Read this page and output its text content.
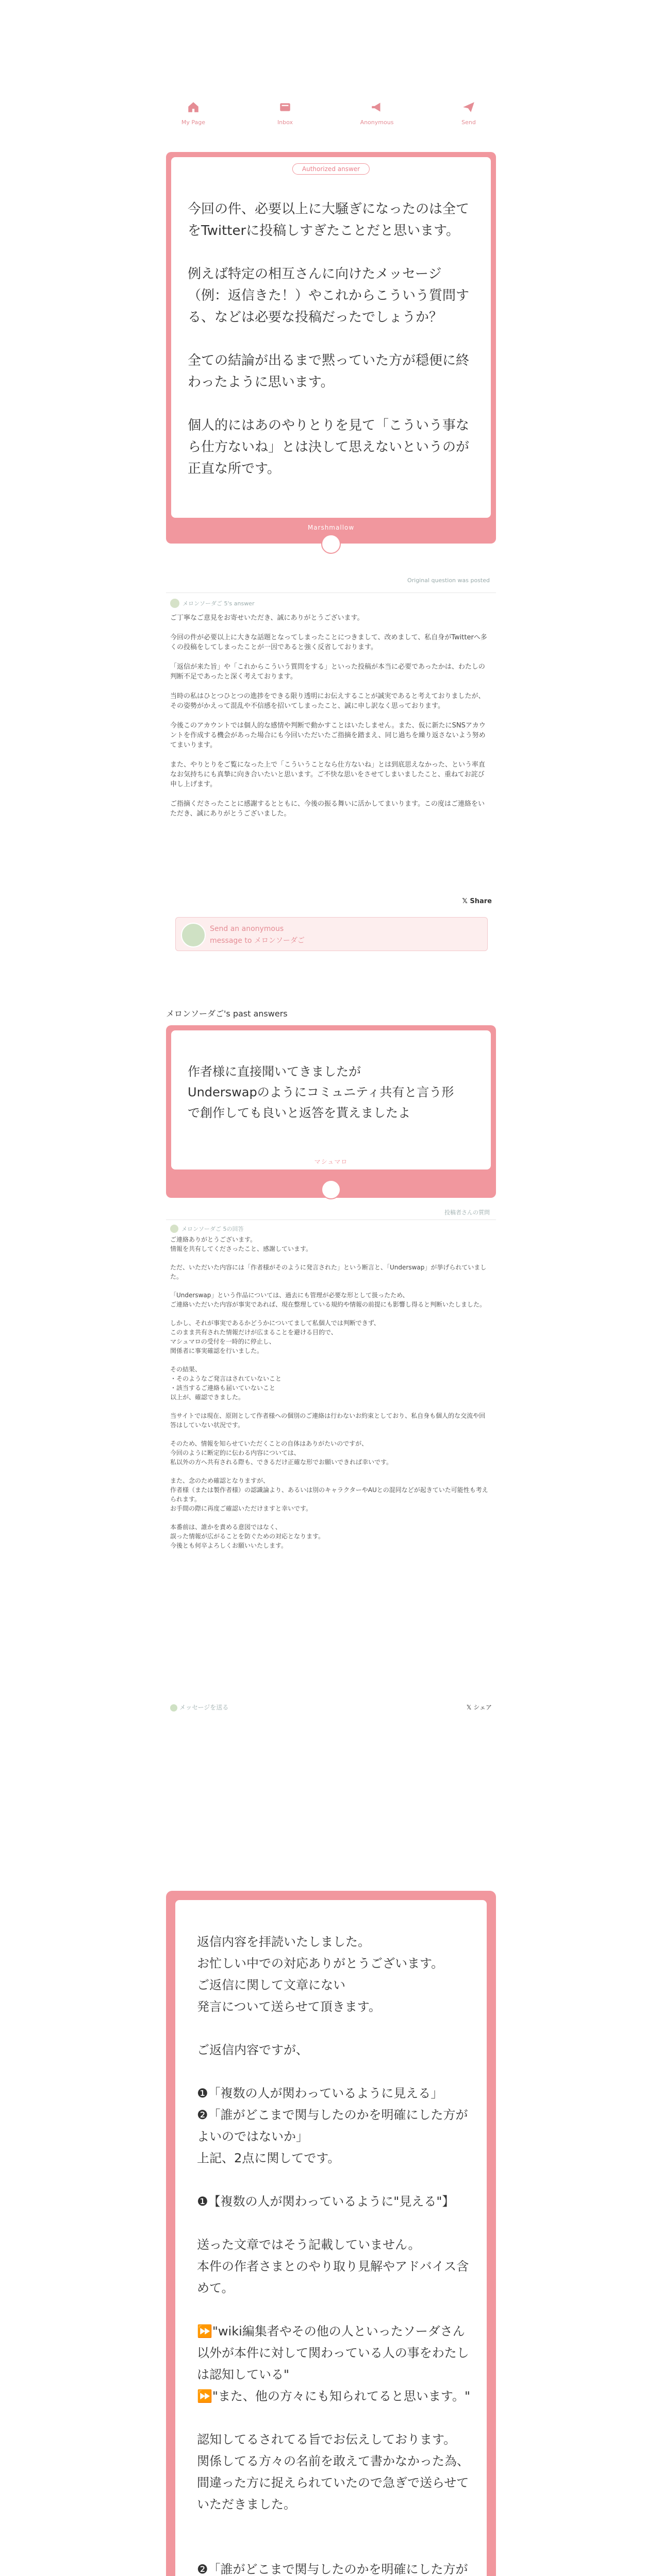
My Page	Inbox	Anonymous	Send
Authorized answer
今回の件、必要以上に大騒ぎになったのは全てをTwitterに投稿しすぎたことだと思います。

例えば特定の相互さんに向けたメッセージ（例：返信きた！）やこれからこういう質問する、などは必要な投稿だったでしょうか？

全ての結論が出るまで黙っていた方が穏便に終わったように思います。

個人的にはあのやりとりを見て「こういう事なら仕方ないね」とは決して思えないというのが正直な所です。
Marshmallow
Original question was posted
メロンソーダご 5's answer
ご丁寧なご意見をお寄せいただき、誠にありがとうございます。

今回の件が必要以上に大きな話題となってしまったことにつきまして、改めまして、私自身がTwitterへ多くの投稿をしてしまったことが一因であると強く反省しております。

「返信が来た旨」や「これからこういう質問をする」といった投稿が本当に必要であったかは、わたしの判断不足であったと深く考えております。

当時の私はひとつひとつの進捗をできる限り透明にお伝えすることが誠実であると考えておりましたが、その姿勢がかえって混乱や不信感を招いてしまったこと、誠に申し訳なく思っております。

今後このアカウントでは個人的な感情や判断で動かすことはいたしません。また、仮に新たにSNSアカウントを作成する機会があった場合にも今回いただいたご指摘を踏まえ、同じ過ちを繰り返さないよう努めてまいります。

また、やりとりをご覧になった上で「こういうことなら仕方ないね」とは到底思えなかった、という率直なお気持ちにも真摯に向き合いたいと思います。ご不快な思いをさせてしまいましたこと、重ねてお詫び申し上げます。

ご指摘くださったことに感謝するとともに、今後の振る舞いに活かしてまいります。この度はご連絡をいただき、誠にありがとうございました。
𝕏 Share
Send an anonymous
message to メロンソーダご
メロンソーダご's past answers
作者様に直接聞いてきましたが
Underswapのようにコミュニティ共有と言う形で創作しても良いと返答を貰えましたよ
マシュマロ
投稿者さんの質問
メロンソーダご 5の回答
ご連絡ありがとうございます。
情報を共有してくださったこと、感謝しています。

ただ、いただいた内容には「作者様がそのように発言された」という断言と、「Underswap」が挙げられていました。

「Underswap」という作品については、過去にも管理が必要な形として扱ったため、
ご連絡いただいた内容が事実であれば、現在整理している規約や情報の前提にも影響し得ると判断いたしました。

しかし、それが事実であるかどうかについてまして私個人では判断できず、
このまま共有された情報だけが広まることを避ける目的で、
マシュマロの受付を一時的に停止し、
関係者に事実確認を行いました。

その結果、
・そのようなご発言はされていないこと
・該当するご連絡も届いていないこと
以上が、確認できました。

当サイトでは現在、原則として作者様への個別のご連絡は行わないお約束としており、私自身も個人的な交流や回答はしていない状況です。

そのため、情報を知らせていただくことの自体はありがたいのですが、
今回のように断定的に伝わる内容については、
私以外の方へ共有される際も、できるだけ正確な形でお願いできれば幸いです。

また、念のため確認となりますが、
作者様（または製作者様）の認識論より、あるいは別のキャラクターやAUとの混同などが起きていた可能性も考えられます。
お手間の際に再度ご確認いただけますと幸いです。

本番前は、誰かを責める意図ではなく、
誤った情報が広がることを防ぐための対応となります。
今後とも何卒よろしくお願いいたします。
メッセージを送る	𝕏 シェア
返信内容を拝読いたしました。
お忙しい中での対応ありがとうございます。
ご返信に関して文章にない
発言について送らせて頂きます。

ご返信内容ですが、

❶「複数の人が関わっているように見える」
❷「誰がどこまで関与したのかを明確にした方がよいのではないか」
上記、2点に関してです。

❶【複数の人が関わっているように"見える"】

送った文章ではそう記載していません。
本件の作者さまとのやり取り見解やアドバイス含めて。

⏩"wiki編集者やその他の人といったソーダさん以外が本件に対して関わっている人の事をわたしは認知している"
⏩"また、他の方々にも知られてると思います。"

認知してるされてる旨でお伝えしております。
関係してる方々の名前を敢えて書かなかった為、間違った方に捉えられていたので急ぎで送らせていただきました。

❷「誰がどこまで関与したのかを明確にした方が
